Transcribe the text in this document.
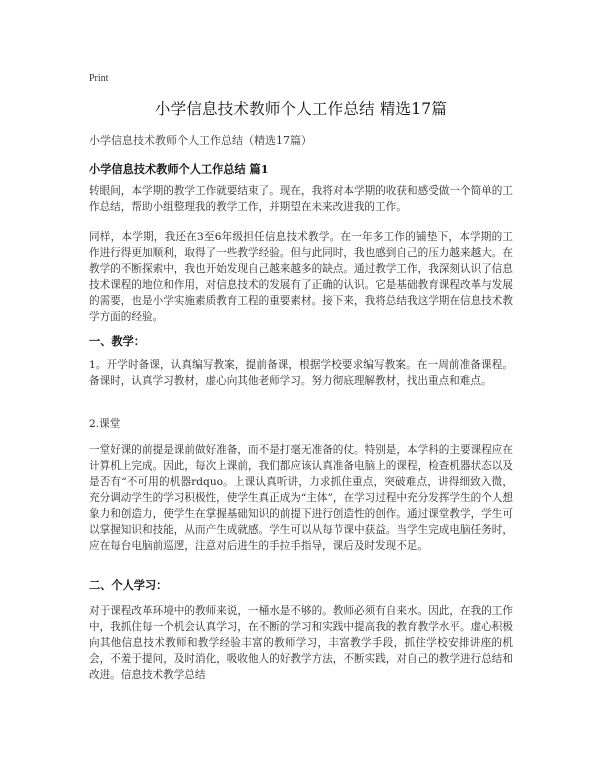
Print
小学信息技术教师个人工作总结 精选17篇
小学信息技术教师个人工作总结（精选17篇）
小学信息技术教师个人工作总结 篇1

转眼间，本学期的教学工作就要结束了。现在，我将对本学期的收获和感受做一个简单的工作总结，帮助小组整理我的教学工作，并期望在未来改进我的工作。

同样，本学期，我还在3至6年级担任信息技术教学。在一年多工作的铺垫下，本学期的工作进行得更加顺利，取得了一些教学经验。但与此同时，我也感到自己的压力越来越大。在教学的不断探索中，我也开始发现自己越来越多的缺点。通过教学工作，我深刻认识了信息技术课程的地位和作用，对信息技术的发展有了正确的认识。它是基础教育课程改革与发展的需要，也是小学实施素质教育工程的重要素材。接下来，我将总结我这学期在信息技术教学方面的经验。

一、教学：

1。开学时备课，认真编写教案，提前备课，根据学校要求编写教案。在一周前准备课程。备课时，认真学习教材，虚心向其他老师学习。努力彻底理解教材，找出重点和难点。

2.课堂

一堂好课的前提是课前做好准备，而不是打毫无准备的仗。特别是，本学科的主要课程应在计算机上完成。因此，每次上课前，我们都应该认真准备电脑上的课程，检查机器状态以及是否有“不可用的机器rdquo。上课认真听讲，力求抓住重点，突破难点，讲得细致入微，充分调动学生的学习积极性，使学生真正成为“主体”，在学习过程中充分发挥学生的个人想象力和创造力，使学生在掌握基础知识的前提下进行创造性的创作。通过课堂教学，学生可以掌握知识和技能，从而产生成就感。学生可以从每节课中获益。当学生完成电脑任务时，应在每台电脑前巡逻，注意对后进生的手拉手指导，课后及时发现不足。

二、个人学习：

对于课程改革环境中的教师来说，一桶水是不够的。教师必须有自来水。因此，在我的工作中，我抓住每一个机会认真学习，在不断的学习和实践中提高我的教育教学水平。虚心积极向其他信息技术教师和教学经验丰富的教师学习，丰富教学手段，抓住学校安排讲座的机会，不羞于提问，及时消化，吸收他人的好教学方法，不断实践，对自己的教学进行总结和改进。信息技术教学总结
